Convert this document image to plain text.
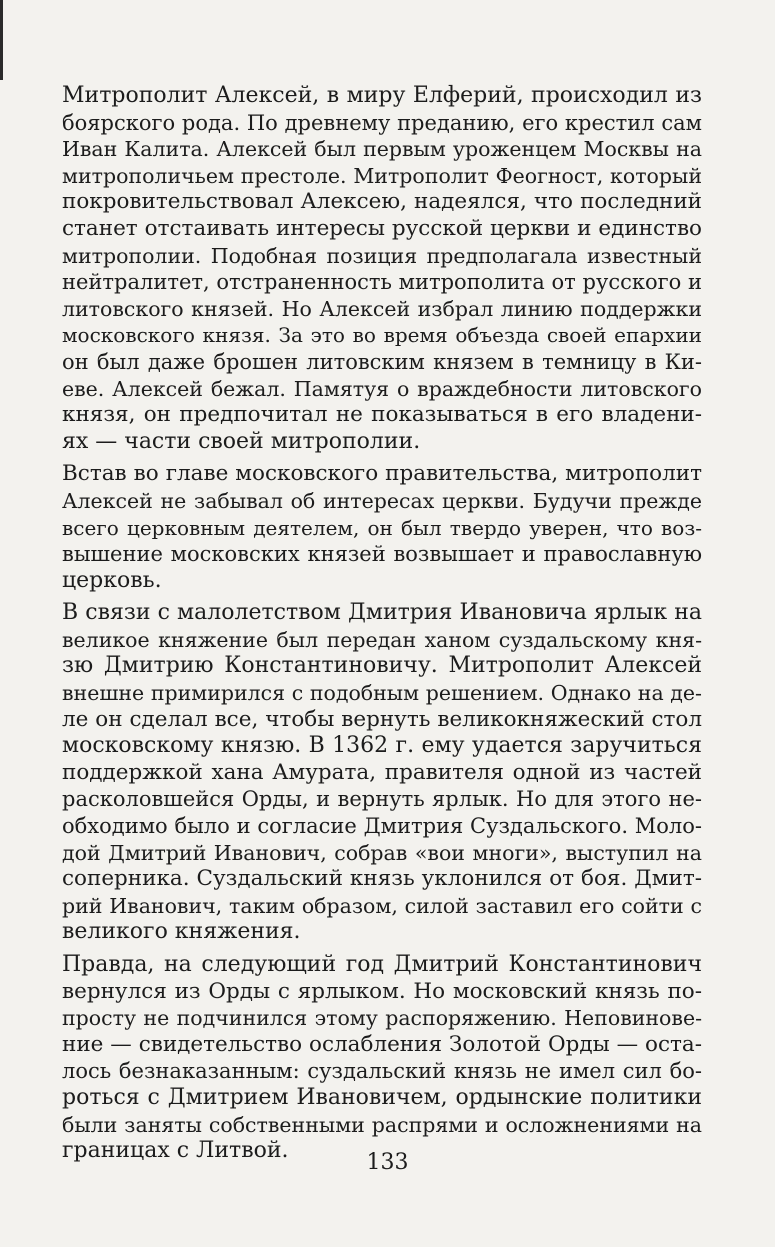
Митрополит Алексей, в миру Елферий, происходил из
боярского рода. По древнему преданию, его крестил сам
Иван Калита. Алексей был первым уроженцем Москвы на
митрополичьем престоле. Митрополит Феогност, который
покровительствовал Алексею, надеялся, что последний
станет отстаивать интересы русской церкви и единство
митрополии. Подобная позиция предполагала известный
нейтралитет, отстраненность митрополита от русского и
литовского князей. Но Алексей избрал линию поддержки
московского князя. За это во время объезда своей епархии
он был даже брошен литовским князем в темницу в Ки-
еве. Алексей бежал. Памятуя о враждебности литовского
князя, он предпочитал не показываться в его владени-
ях — части своей митрополии.
Встав во главе московского правительства, митрополит
Алексей не забывал об интересах церкви. Будучи прежде
всего церковным деятелем, он был твердо уверен, что воз-
вышение московских князей возвышает и православную
церковь.
В связи с малолетством Дмитрия Ивановича ярлык на
великое княжение был передан ханом суздальскому кня-
зю Дмитрию Константиновичу. Митрополит Алексей
внешне примирился с подобным решением. Однако на де-
ле он сделал все, чтобы вернуть великокняжеский стол
московскому князю. В 1362 г. ему удается заручиться
поддержкой хана Амурата, правителя одной из частей
расколовшейся Орды, и вернуть ярлык. Но для этого не-
обходимо было и согласие Дмитрия Суздальского. Моло-
дой Дмитрий Иванович, собрав «вои многи», выступил на
соперника. Суздальский князь уклонился от боя. Дмит-
рий Иванович, таким образом, силой заставил его сойти с
великого княжения.
Правда, на следующий год Дмитрий Константинович
вернулся из Орды с ярлыком. Но московский князь по-
просту не подчинился этому распоряжению. Неповинове-
ние — свидетельство ослабления Золотой Орды — оста-
лось безнаказанным: суздальский князь не имел сил бо-
роться с Дмитрием Ивановичем, ордынские политики
были заняты собственными распрями и осложнениями на
границах с Литвой.	133
